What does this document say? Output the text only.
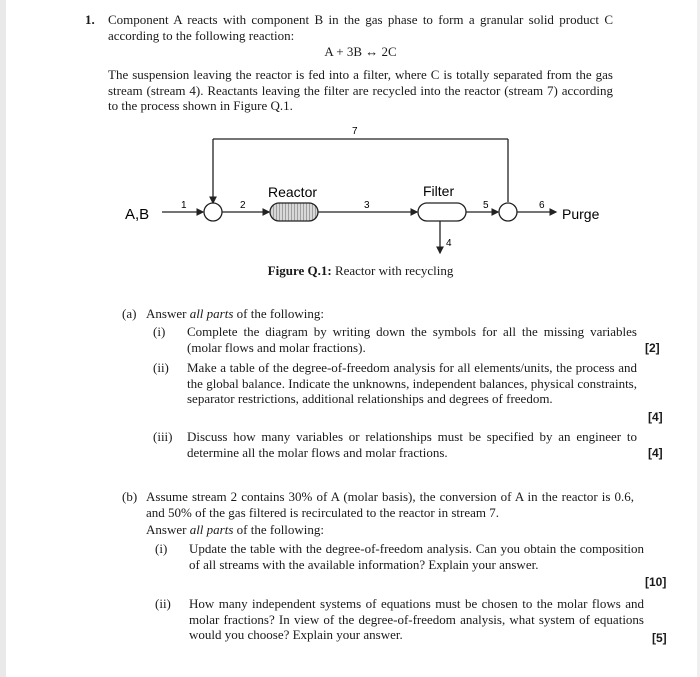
1. Component A reacts with component B in the gas phase to form a granular solid product C according to the following reaction:

A + 3B ↔ 2C

The suspension leaving the reactor is fed into a filter, where C is totally separated from the gas stream (stream 4). Reactants leaving the filter are recycled into the reactor (stream 7) according to the process shown in Figure Q.1.

A,B
Reactor	Filter
Purge
1	2	3
4
5	6
7
Figure Q.1: Reactor with recycling
(a) Answer all parts of the following:
(i) Complete the diagram by writing down the symbols for all the missing variables (molar flows and molar fractions).	[2]
(ii) Make a table of the degree-of-freedom analysis for all elements/units, the process and the global balance. Indicate the unknowns, independent balances, physical constraints, separator restrictions, additional relationships and degrees of freedom.

[4]
(iii) Discuss how many variables or relationships must be specified by an engineer to determine all the molar flows and molar fractions.	[4]
(b) Assume stream 2 contains 30% of A (molar basis), the conversion of A in the reactor is 0.6, and 50% of the gas filtered is recirculated to the reactor in stream 7.

Answer all parts of the following:
(i) Update the table with the degree-of-freedom analysis. Can you obtain the composition of all streams with the available information? Explain your answer.

[10]
(ii) How many independent systems of equations must be chosen to the molar flows and molar fractions? In view of the degree-of-freedom analysis, what system of equations would you choose? Explain your answer.	[5]
